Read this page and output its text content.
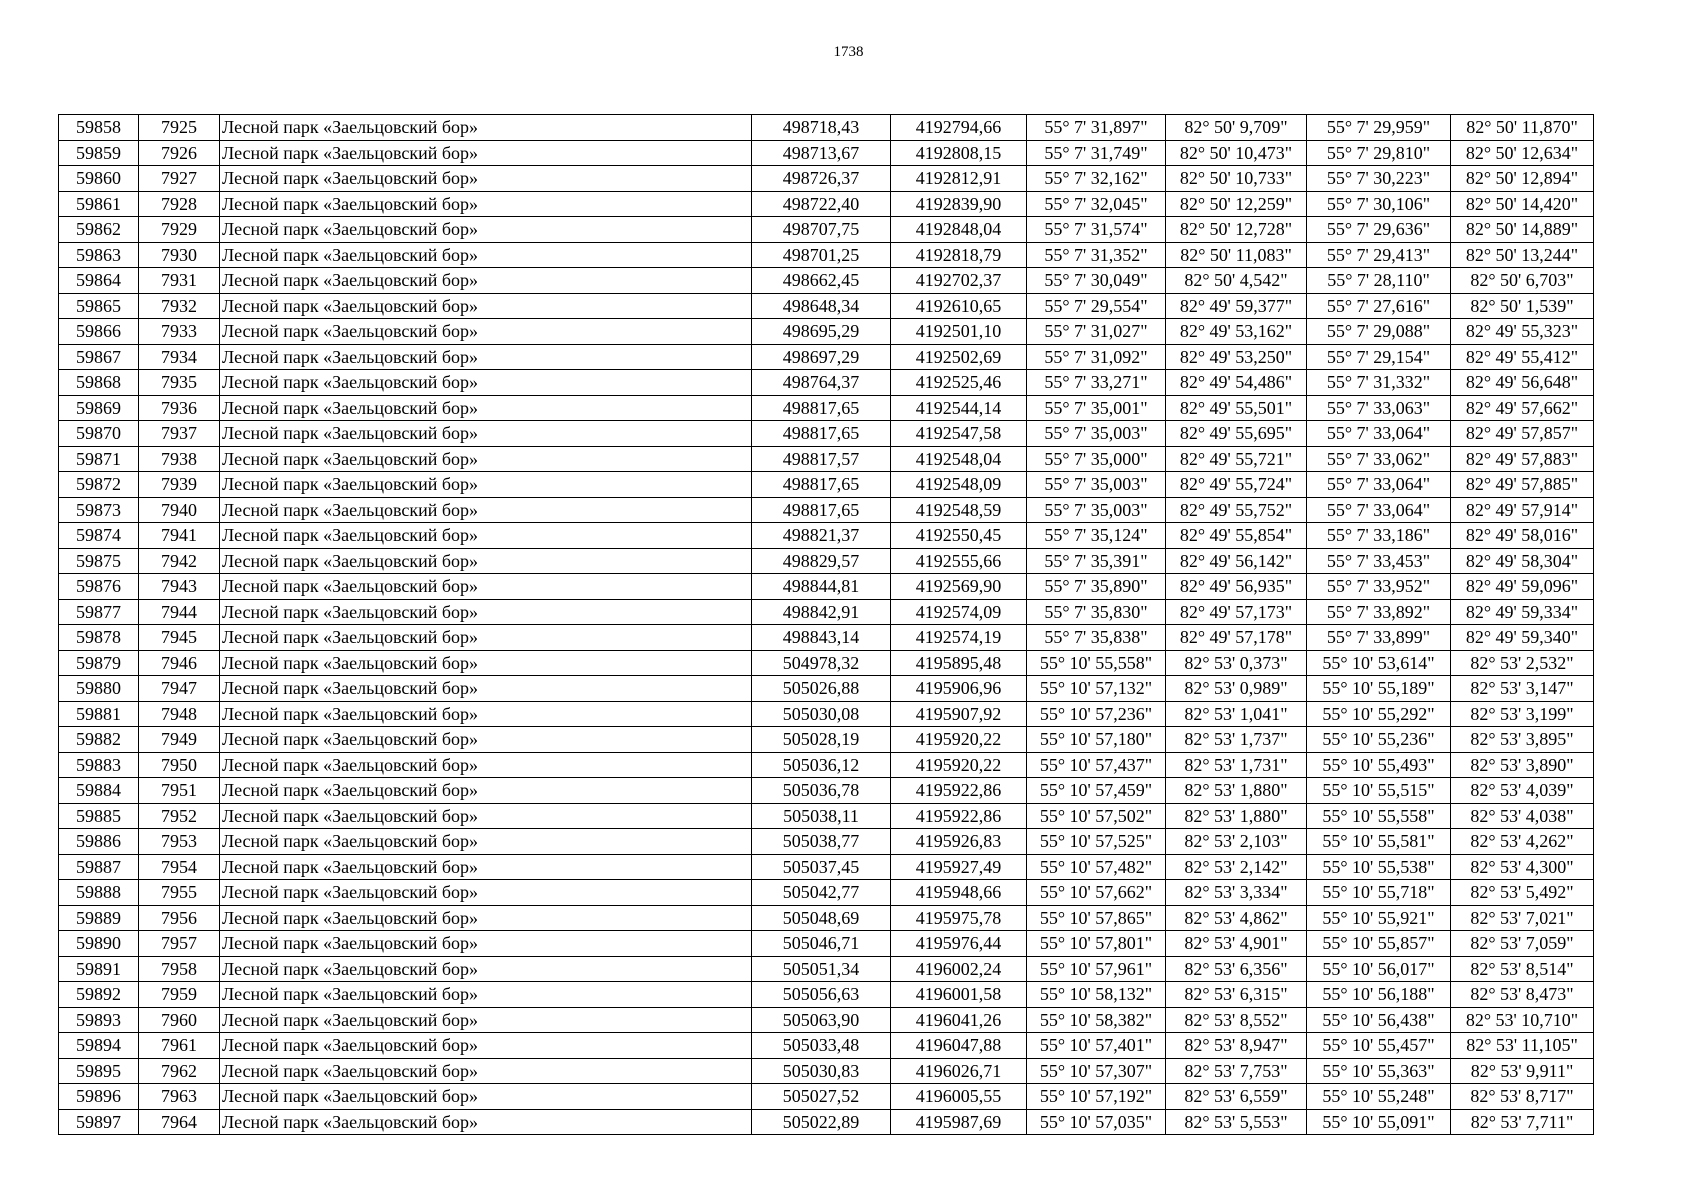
1738
59858	7925	Лесной парк «Заельцовский бор»	498718,43	4192794,66	55° 7' 31,897"	82° 50' 9,709"	55° 7' 29,959"	82° 50' 11,870"
59859	7926	Лесной парк «Заельцовский бор»	498713,67	4192808,15	55° 7' 31,749"	82° 50' 10,473"	55° 7' 29,810"	82° 50' 12,634"
59860	7927	Лесной парк «Заельцовский бор»	498726,37	4192812,91	55° 7' 32,162"	82° 50' 10,733"	55° 7' 30,223"	82° 50' 12,894"
59861	7928	Лесной парк «Заельцовский бор»	498722,40	4192839,90	55° 7' 32,045"	82° 50' 12,259"	55° 7' 30,106"	82° 50' 14,420"
59862	7929	Лесной парк «Заельцовский бор»	498707,75	4192848,04	55° 7' 31,574"	82° 50' 12,728"	55° 7' 29,636"	82° 50' 14,889"
59863	7930	Лесной парк «Заельцовский бор»	498701,25	4192818,79	55° 7' 31,352"	82° 50' 11,083"	55° 7' 29,413"	82° 50' 13,244"
59864	7931	Лесной парк «Заельцовский бор»	498662,45	4192702,37	55° 7' 30,049"	82° 50' 4,542"	55° 7' 28,110"	82° 50' 6,703"
59865	7932	Лесной парк «Заельцовский бор»	498648,34	4192610,65	55° 7' 29,554"	82° 49' 59,377"	55° 7' 27,616"	82° 50' 1,539"
59866	7933	Лесной парк «Заельцовский бор»	498695,29	4192501,10	55° 7' 31,027"	82° 49' 53,162"	55° 7' 29,088"	82° 49' 55,323"
59867	7934	Лесной парк «Заельцовский бор»	498697,29	4192502,69	55° 7' 31,092"	82° 49' 53,250"	55° 7' 29,154"	82° 49' 55,412"
59868	7935	Лесной парк «Заельцовский бор»	498764,37	4192525,46	55° 7' 33,271"	82° 49' 54,486"	55° 7' 31,332"	82° 49' 56,648"
59869	7936	Лесной парк «Заельцовский бор»	498817,65	4192544,14	55° 7' 35,001"	82° 49' 55,501"	55° 7' 33,063"	82° 49' 57,662"
59870	7937	Лесной парк «Заельцовский бор»	498817,65	4192547,58	55° 7' 35,003"	82° 49' 55,695"	55° 7' 33,064"	82° 49' 57,857"
59871	7938	Лесной парк «Заельцовский бор»	498817,57	4192548,04	55° 7' 35,000"	82° 49' 55,721"	55° 7' 33,062"	82° 49' 57,883"
59872	7939	Лесной парк «Заельцовский бор»	498817,65	4192548,09	55° 7' 35,003"	82° 49' 55,724"	55° 7' 33,064"	82° 49' 57,885"
59873	7940	Лесной парк «Заельцовский бор»	498817,65	4192548,59	55° 7' 35,003"	82° 49' 55,752"	55° 7' 33,064"	82° 49' 57,914"
59874	7941	Лесной парк «Заельцовский бор»	498821,37	4192550,45	55° 7' 35,124"	82° 49' 55,854"	55° 7' 33,186"	82° 49' 58,016"
59875	7942	Лесной парк «Заельцовский бор»	498829,57	4192555,66	55° 7' 35,391"	82° 49' 56,142"	55° 7' 33,453"	82° 49' 58,304"
59876	7943	Лесной парк «Заельцовский бор»	498844,81	4192569,90	55° 7' 35,890"	82° 49' 56,935"	55° 7' 33,952"	82° 49' 59,096"
59877	7944	Лесной парк «Заельцовский бор»	498842,91	4192574,09	55° 7' 35,830"	82° 49' 57,173"	55° 7' 33,892"	82° 49' 59,334"
59878	7945	Лесной парк «Заельцовский бор»	498843,14	4192574,19	55° 7' 35,838"	82° 49' 57,178"	55° 7' 33,899"	82° 49' 59,340"
59879	7946	Лесной парк «Заельцовский бор»	504978,32	4195895,48	55° 10' 55,558"	82° 53' 0,373"	55° 10' 53,614"	82° 53' 2,532"
59880	7947	Лесной парк «Заельцовский бор»	505026,88	4195906,96	55° 10' 57,132"	82° 53' 0,989"	55° 10' 55,189"	82° 53' 3,147"
59881	7948	Лесной парк «Заельцовский бор»	505030,08	4195907,92	55° 10' 57,236"	82° 53' 1,041"	55° 10' 55,292"	82° 53' 3,199"
59882	7949	Лесной парк «Заельцовский бор»	505028,19	4195920,22	55° 10' 57,180"	82° 53' 1,737"	55° 10' 55,236"	82° 53' 3,895"
59883	7950	Лесной парк «Заельцовский бор»	505036,12	4195920,22	55° 10' 57,437"	82° 53' 1,731"	55° 10' 55,493"	82° 53' 3,890"
59884	7951	Лесной парк «Заельцовский бор»	505036,78	4195922,86	55° 10' 57,459"	82° 53' 1,880"	55° 10' 55,515"	82° 53' 4,039"
59885	7952	Лесной парк «Заельцовский бор»	505038,11	4195922,86	55° 10' 57,502"	82° 53' 1,880"	55° 10' 55,558"	82° 53' 4,038"
59886	7953	Лесной парк «Заельцовский бор»	505038,77	4195926,83	55° 10' 57,525"	82° 53' 2,103"	55° 10' 55,581"	82° 53' 4,262"
59887	7954	Лесной парк «Заельцовский бор»	505037,45	4195927,49	55° 10' 57,482"	82° 53' 2,142"	55° 10' 55,538"	82° 53' 4,300"
59888	7955	Лесной парк «Заельцовский бор»	505042,77	4195948,66	55° 10' 57,662"	82° 53' 3,334"	55° 10' 55,718"	82° 53' 5,492"
59889	7956	Лесной парк «Заельцовский бор»	505048,69	4195975,78	55° 10' 57,865"	82° 53' 4,862"	55° 10' 55,921"	82° 53' 7,021"
59890	7957	Лесной парк «Заельцовский бор»	505046,71	4195976,44	55° 10' 57,801"	82° 53' 4,901"	55° 10' 55,857"	82° 53' 7,059"
59891	7958	Лесной парк «Заельцовский бор»	505051,34	4196002,24	55° 10' 57,961"	82° 53' 6,356"	55° 10' 56,017"	82° 53' 8,514"
59892	7959	Лесной парк «Заельцовский бор»	505056,63	4196001,58	55° 10' 58,132"	82° 53' 6,315"	55° 10' 56,188"	82° 53' 8,473"
59893	7960	Лесной парк «Заельцовский бор»	505063,90	4196041,26	55° 10' 58,382"	82° 53' 8,552"	55° 10' 56,438"	82° 53' 10,710"
59894	7961	Лесной парк «Заельцовский бор»	505033,48	4196047,88	55° 10' 57,401"	82° 53' 8,947"	55° 10' 55,457"	82° 53' 11,105"
59895	7962	Лесной парк «Заельцовский бор»	505030,83	4196026,71	55° 10' 57,307"	82° 53' 7,753"	55° 10' 55,363"	82° 53' 9,911"
59896	7963	Лесной парк «Заельцовский бор»	505027,52	4196005,55	55° 10' 57,192"	82° 53' 6,559"	55° 10' 55,248"	82° 53' 8,717"
59897	7964	Лесной парк «Заельцовский бор»	505022,89	4195987,69	55° 10' 57,035"	82° 53' 5,553"	55° 10' 55,091"	82° 53' 7,711"
